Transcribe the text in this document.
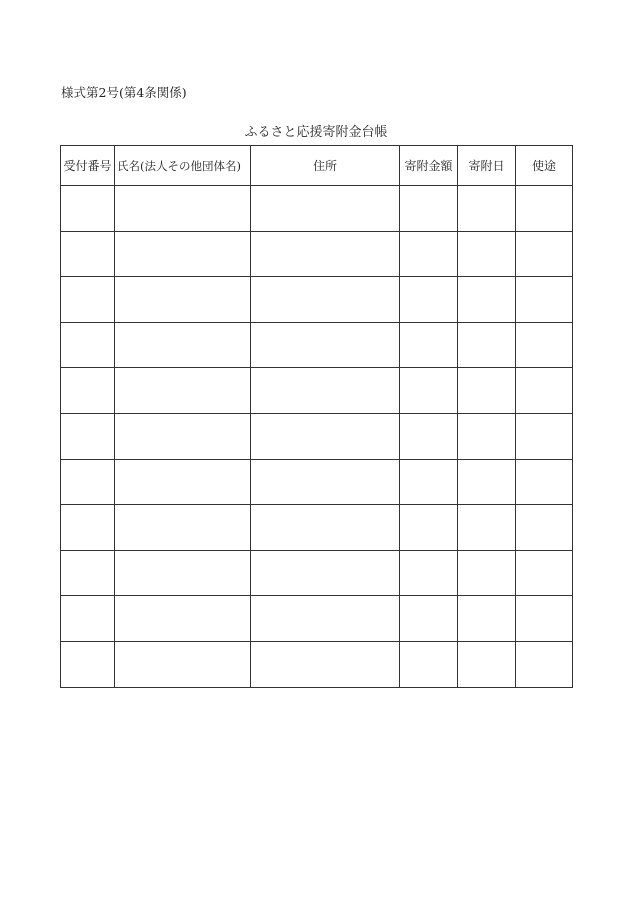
様式第2号(第4条関係)
ふるさと応援寄附金台帳
受付番号	氏名(法人その他団体名)	住所	寄附金額	寄附日	使途
